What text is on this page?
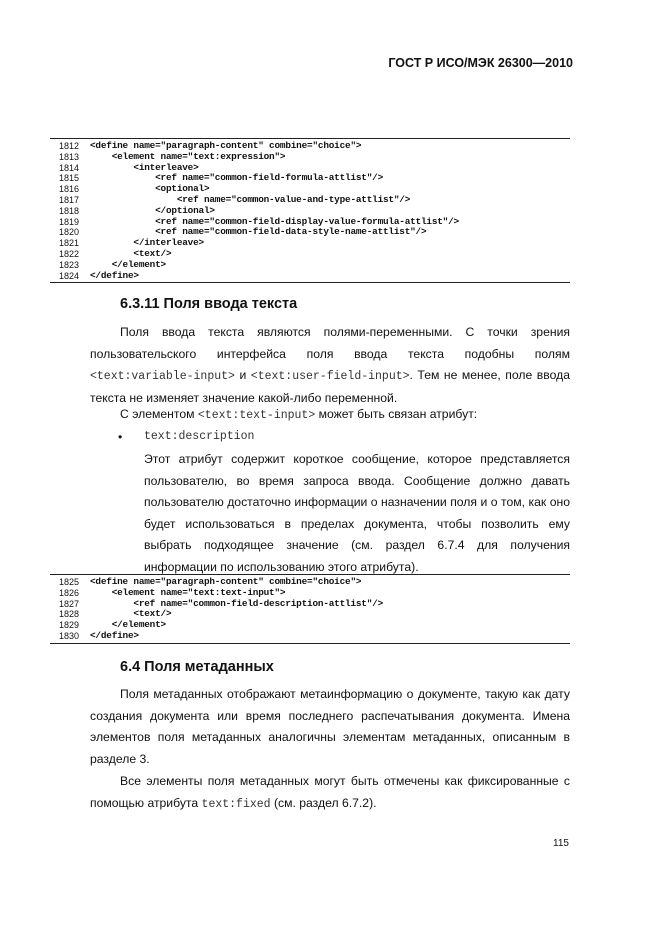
ГОСТ Р ИСО/МЭК 26300—2010
1812 <define name="paragraph-content" combine="choice">
1813 <element name="text:expression">
1814 <interleave>
1815 <ref name="common-field-formula-attlist"/>
1816 <optional>
1817 <ref name="common-value-and-type-attlist"/>
1818 </optional>
1819 <ref name="common-field-display-value-formula-attlist"/>
1820 <ref name="common-field-data-style-name-attlist"/>
1821 </interleave>
1822 <text/>
1823 </element>
1824 </define>
6.3.11 Поля ввода текста

Поля ввода текста являются полями-переменными. С точки зрения пользовательского интерфейса поля ввода текста подобны полям <text:variable-input> и <text:user-field-input>. Тем не менее, поле ввода текста не изменяет значение какой-либо переменной.

С элементом <text:text-input> может быть связан атрибут:

• text:description

Этот атрибут содержит короткое сообщение, которое представляется пользователю, во время запроса ввода. Сообщение должно давать пользователю достаточно информации о назначении поля и о том, как оно будет использоваться в пределах документа, чтобы позволить ему выбрать подходящее значение (см. раздел 6.7.4 для получения информации по использованию этого атрибута).

1825 <define name="paragraph-content" combine="choice">
1826 <element name="text:text-input">
1827 <ref name="common-field-description-attlist"/>
1828 <text/>
1829 </element>
1830 </define>
6.4 Поля метаданных

Поля метаданных отображают метаинформацию о документе, такую как дату создания документа или время последнего распечатывания документа. Имена элементов поля метаданных аналогичны элементам метаданных, описанным в разделе 3.

Все элементы поля метаданных могут быть отмечены как фиксированные с помощью атрибута text:fixed (см. раздел 6.7.2).

115
